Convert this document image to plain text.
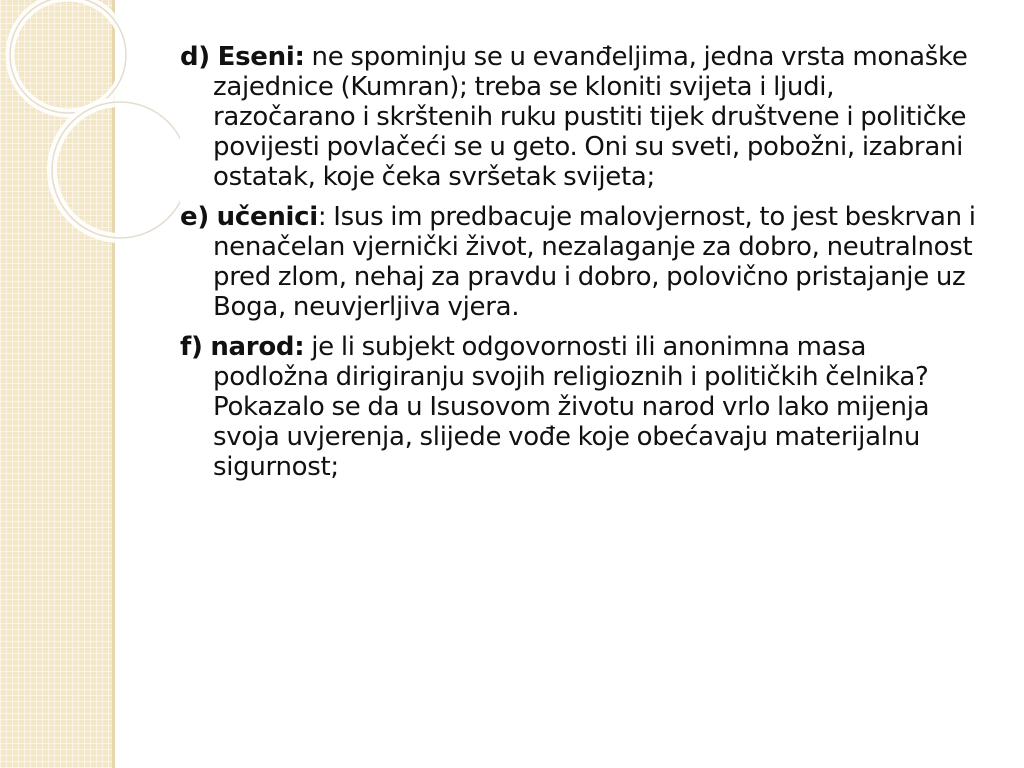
d) Eseni: ne spominju se u evanđeljima, jedna vrsta monaške zajednice (Kumran); treba se kloniti svijeta i ljudi, razočarano i skrštenih ruku pustiti tijek društvene i političke povijesti povlačeći se u geto. Oni su sveti, pobožni, izabrani ostatak, koje čeka svršetak svijeta;

e) učenici: Isus im predbacuje malovjernost, to jest beskrvan i nenačelan vjernički život, nezalaganje za dobro, neutralnost pred zlom, nehaj za pravdu i dobro, polovično pristajanje uz Boga, neuvjerljiva vjera.

f) narod: je li subjekt odgovornosti ili anonimna masa podložna dirigiranju svojih religioznih i političkih čelnika? Pokazalo se da u Isusovom životu narod vrlo lako mijenja svoja uvjerenja, slijede vođe koje obećavaju materijalnu sigurnost;
